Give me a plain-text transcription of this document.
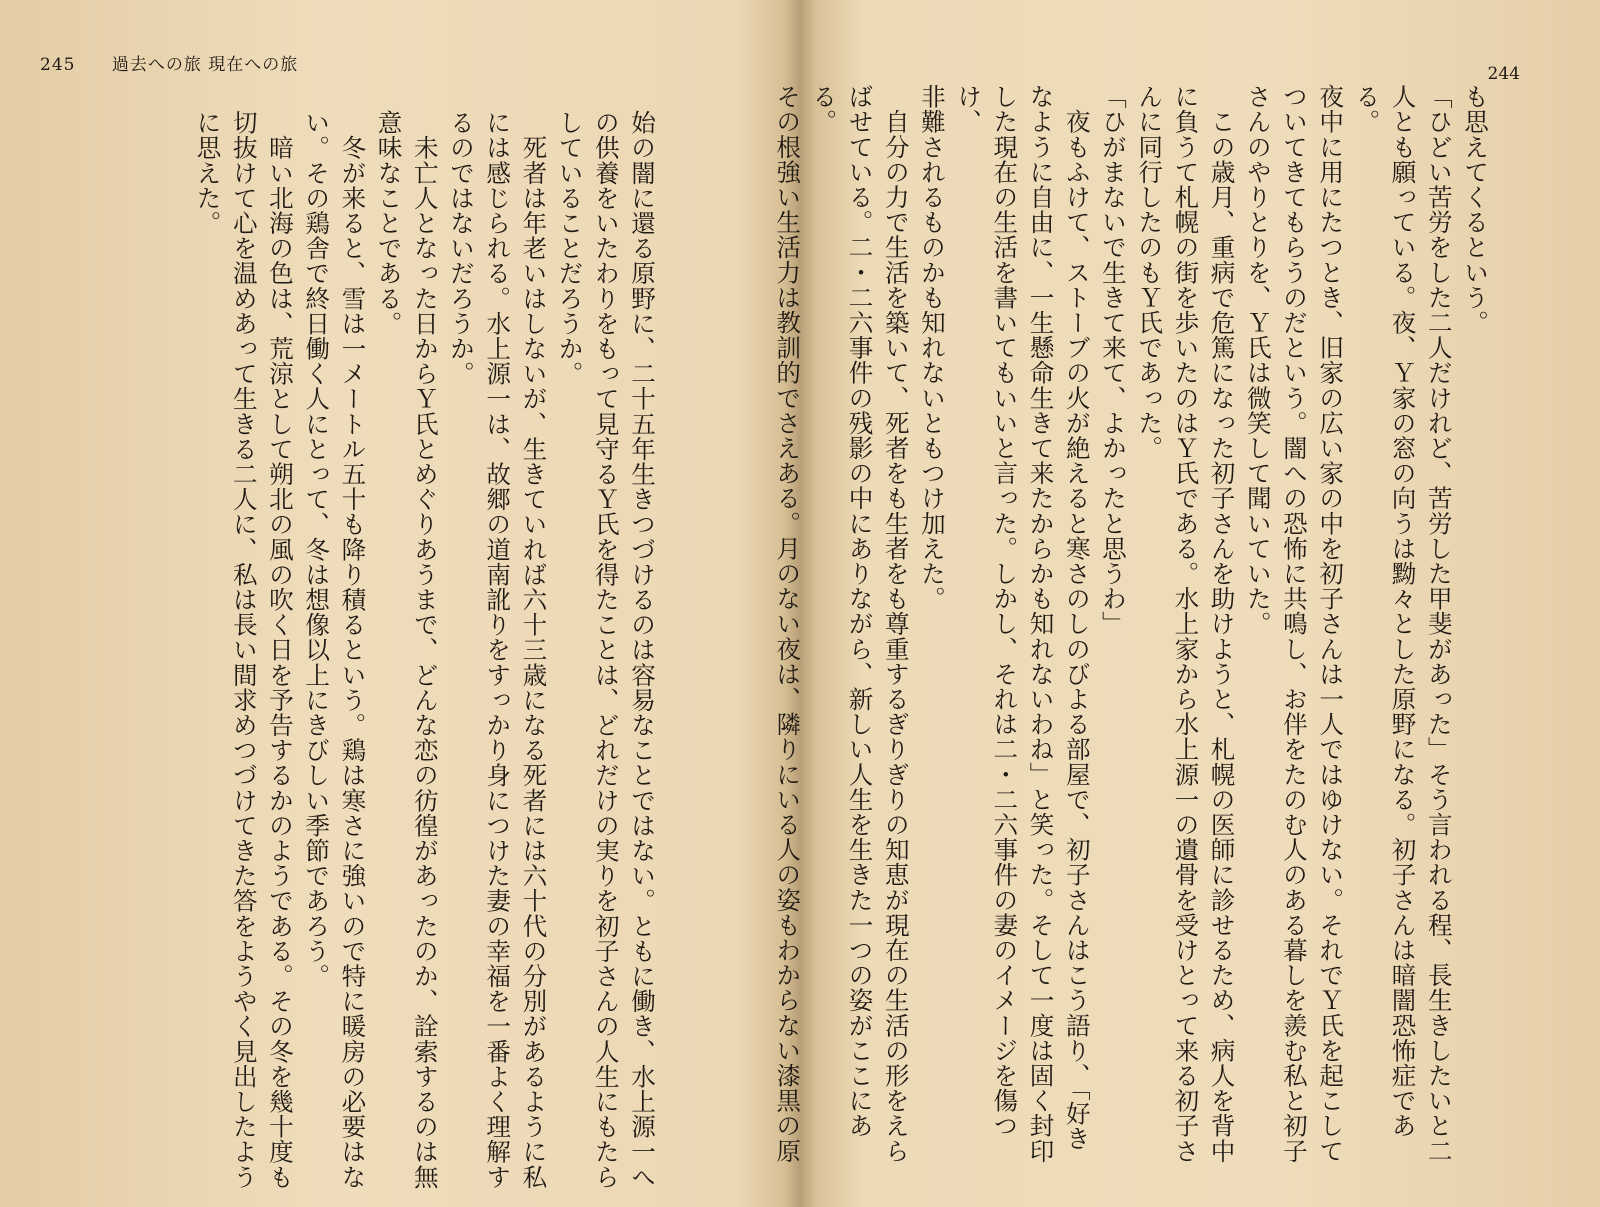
245 過去への旅 現在への旅
始の闇に還る原野に、二十五年生きつづけるのは容易なことではない。ともに働き、水上源一へ
の供養をいたわりをもって見守るＹ氏を得たことは、どれだけの実りを初子さんの人生にもたら
していることだろうか。
　死者は年老いはしないが、生きていれば六十三歳になる死者には六十代の分別があるように私
には感じられる。水上源一は、故郷の道南訛りをすっかり身につけた妻の幸福を一番よく理解す
るのではないだろうか。
　未亡人となった日からＹ氏とめぐりあうまで、どんな恋の彷徨があったのか、詮索するのは無
意味なことである。
　冬が来ると、雪は一メートル五十も降り積るという。鶏は寒さに強いので特に暖房の必要はな
い。その鶏舎で終日働く人にとって、冬は想像以上にきびしい季節であろう。
　暗い北海の色は、荒涼として朔北の風の吹く日を予告するかのようである。その冬を幾十度も
切抜けて心を温めあって生きる二人に、私は長い間求めつづけてきた答をようやく見出したよう
に思えた。
244
も思えてくるという。
「ひどい苦労をした二人だけれど、苦労した甲斐があった」そう言われる程、長生きしたいと二
人とも願っている。夜、Ｙ家の窓の向うは黝々とした原野になる。初子さんは暗闇恐怖症である。
夜中に用にたつとき、旧家の広い家の中を初子さんは一人ではゆけない。それでＹ氏を起こして
ついてきてもらうのだという。闇への恐怖に共鳴し、お伴をたのむ人のある暮しを羨む私と初子
さんのやりとりを、Ｙ氏は微笑して聞いていた。
　この歳月、重病で危篤になった初子さんを助けようと、札幌の医師に診せるため、病人を背中
に負うて札幌の街を歩いたのはＹ氏である。水上家から水上源一の遺骨を受けとって来る初子さ
んに同行したのもＹ氏であった。
「ひがまないで生きて来て、よかったと思うわ」
　夜もふけて、ストーブの火が絶えると寒さのしのびよる部屋で、初子さんはこう語り、「好き
なように自由に、一生懸命生きて来たからかも知れないわね」と笑った。そして一度は固く封印
した現在の生活を書いてもいいと言った。しかし、それは二・二六事件の妻のイメージを傷つけ、
非難されるものかも知れないともつけ加えた。
　自分の力で生活を築いて、死者をも生者をも尊重するぎりぎりの知恵が現在の生活の形をえら
ばせている。二・二六事件の残影の中にありながら、新しい人生を生きた一つの姿がここにある。
その根強い生活力は教訓的でさえある。月のない夜は、隣りにいる人の姿もわからない漆黒の原
